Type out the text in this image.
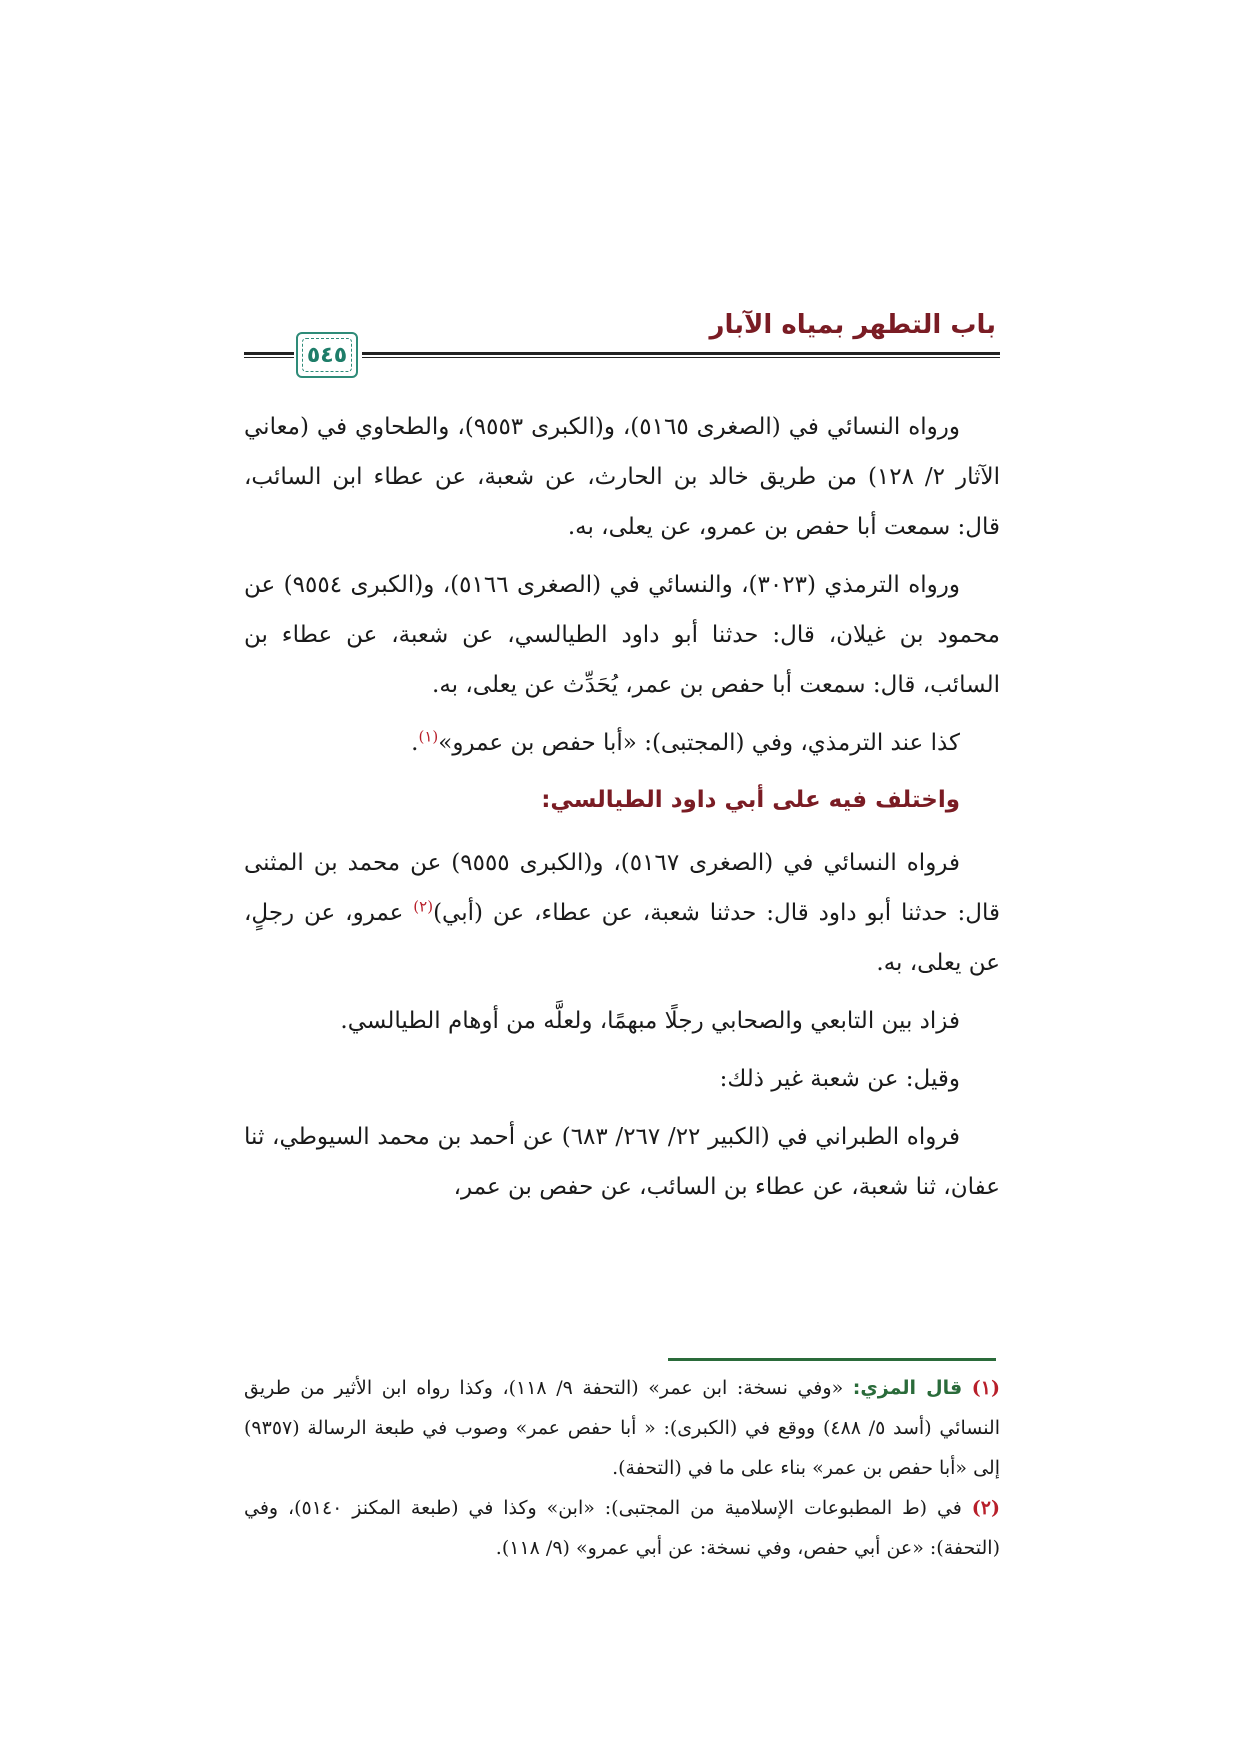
باب التطهر بمياه الآبار
٥٤٥

ورواه النسائي في (الصغرى ٥١٦٥)، و(الكبرى ٩٥٥٣)، والطحاوي في (معاني الآثار ٢/ ١٢٨) من طريق خالد بن الحارث، عن شعبة، عن عطاء ابن السائب، قال: سمعت أبا حفص بن عمرو، عن يعلى، به.

ورواه الترمذي (٣٠٢٣)، والنسائي في (الصغرى ٥١٦٦)، و(الكبرى ٩٥٥٤) عن محمود بن غيلان، قال: حدثنا أبو داود الطيالسي، عن شعبة، عن عطاء بن السائب، قال: سمعت أبا حفص بن عمر، يُحَدِّث عن يعلى، به.

كذا عند الترمذي، وفي (المجتبى): «أبا حفص بن عمرو»$^{(١)}$.

واختلف فيه على أبي داود الطيالسي:

فرواه النسائي في (الصغرى ٥١٦٧)، و(الكبرى ٩٥٥٥) عن محمد بن المثنى قال: حدثنا أبو داود قال: حدثنا شعبة، عن عطاء، عن (أبي)$^{(٢)}$ عمرو، عن رجلٍ، عن يعلى، به.

فزاد بين التابعي والصحابي رجلًا مبهمًا، ولعلَّه من أوهام الطيالسي.

وقيل: عن شعبة غير ذلك:

فرواه الطبراني في (الكبير ٢٢/ ٢٦٧/ ٦٨٣) عن أحمد بن محمد السيوطي، ثنا عفان، ثنا شعبة، عن عطاء بن السائب، عن حفص بن عمر،

(١) قال المزي: «وفي نسخة: ابن عمر» (التحفة ٩/ ١١٨)، وكذا رواه ابن الأثير من طريق النسائي (أسد ٥/ ٤٨٨) ووقع في (الكبرى): « أبا حفص عمر» وصوب في طبعة الرسالة (٩٣٥٧) إلى «أبا حفص بن عمر» بناء على ما في (التحفة).

(٢) في (ط المطبوعات الإسلامية من المجتبى): «ابن» وكذا في (طبعة المكنز ٥١٤٠)، وفي (التحفة): «عن أبي حفص، وفي نسخة: عن أبي عمرو» (٩/ ١١٨).
